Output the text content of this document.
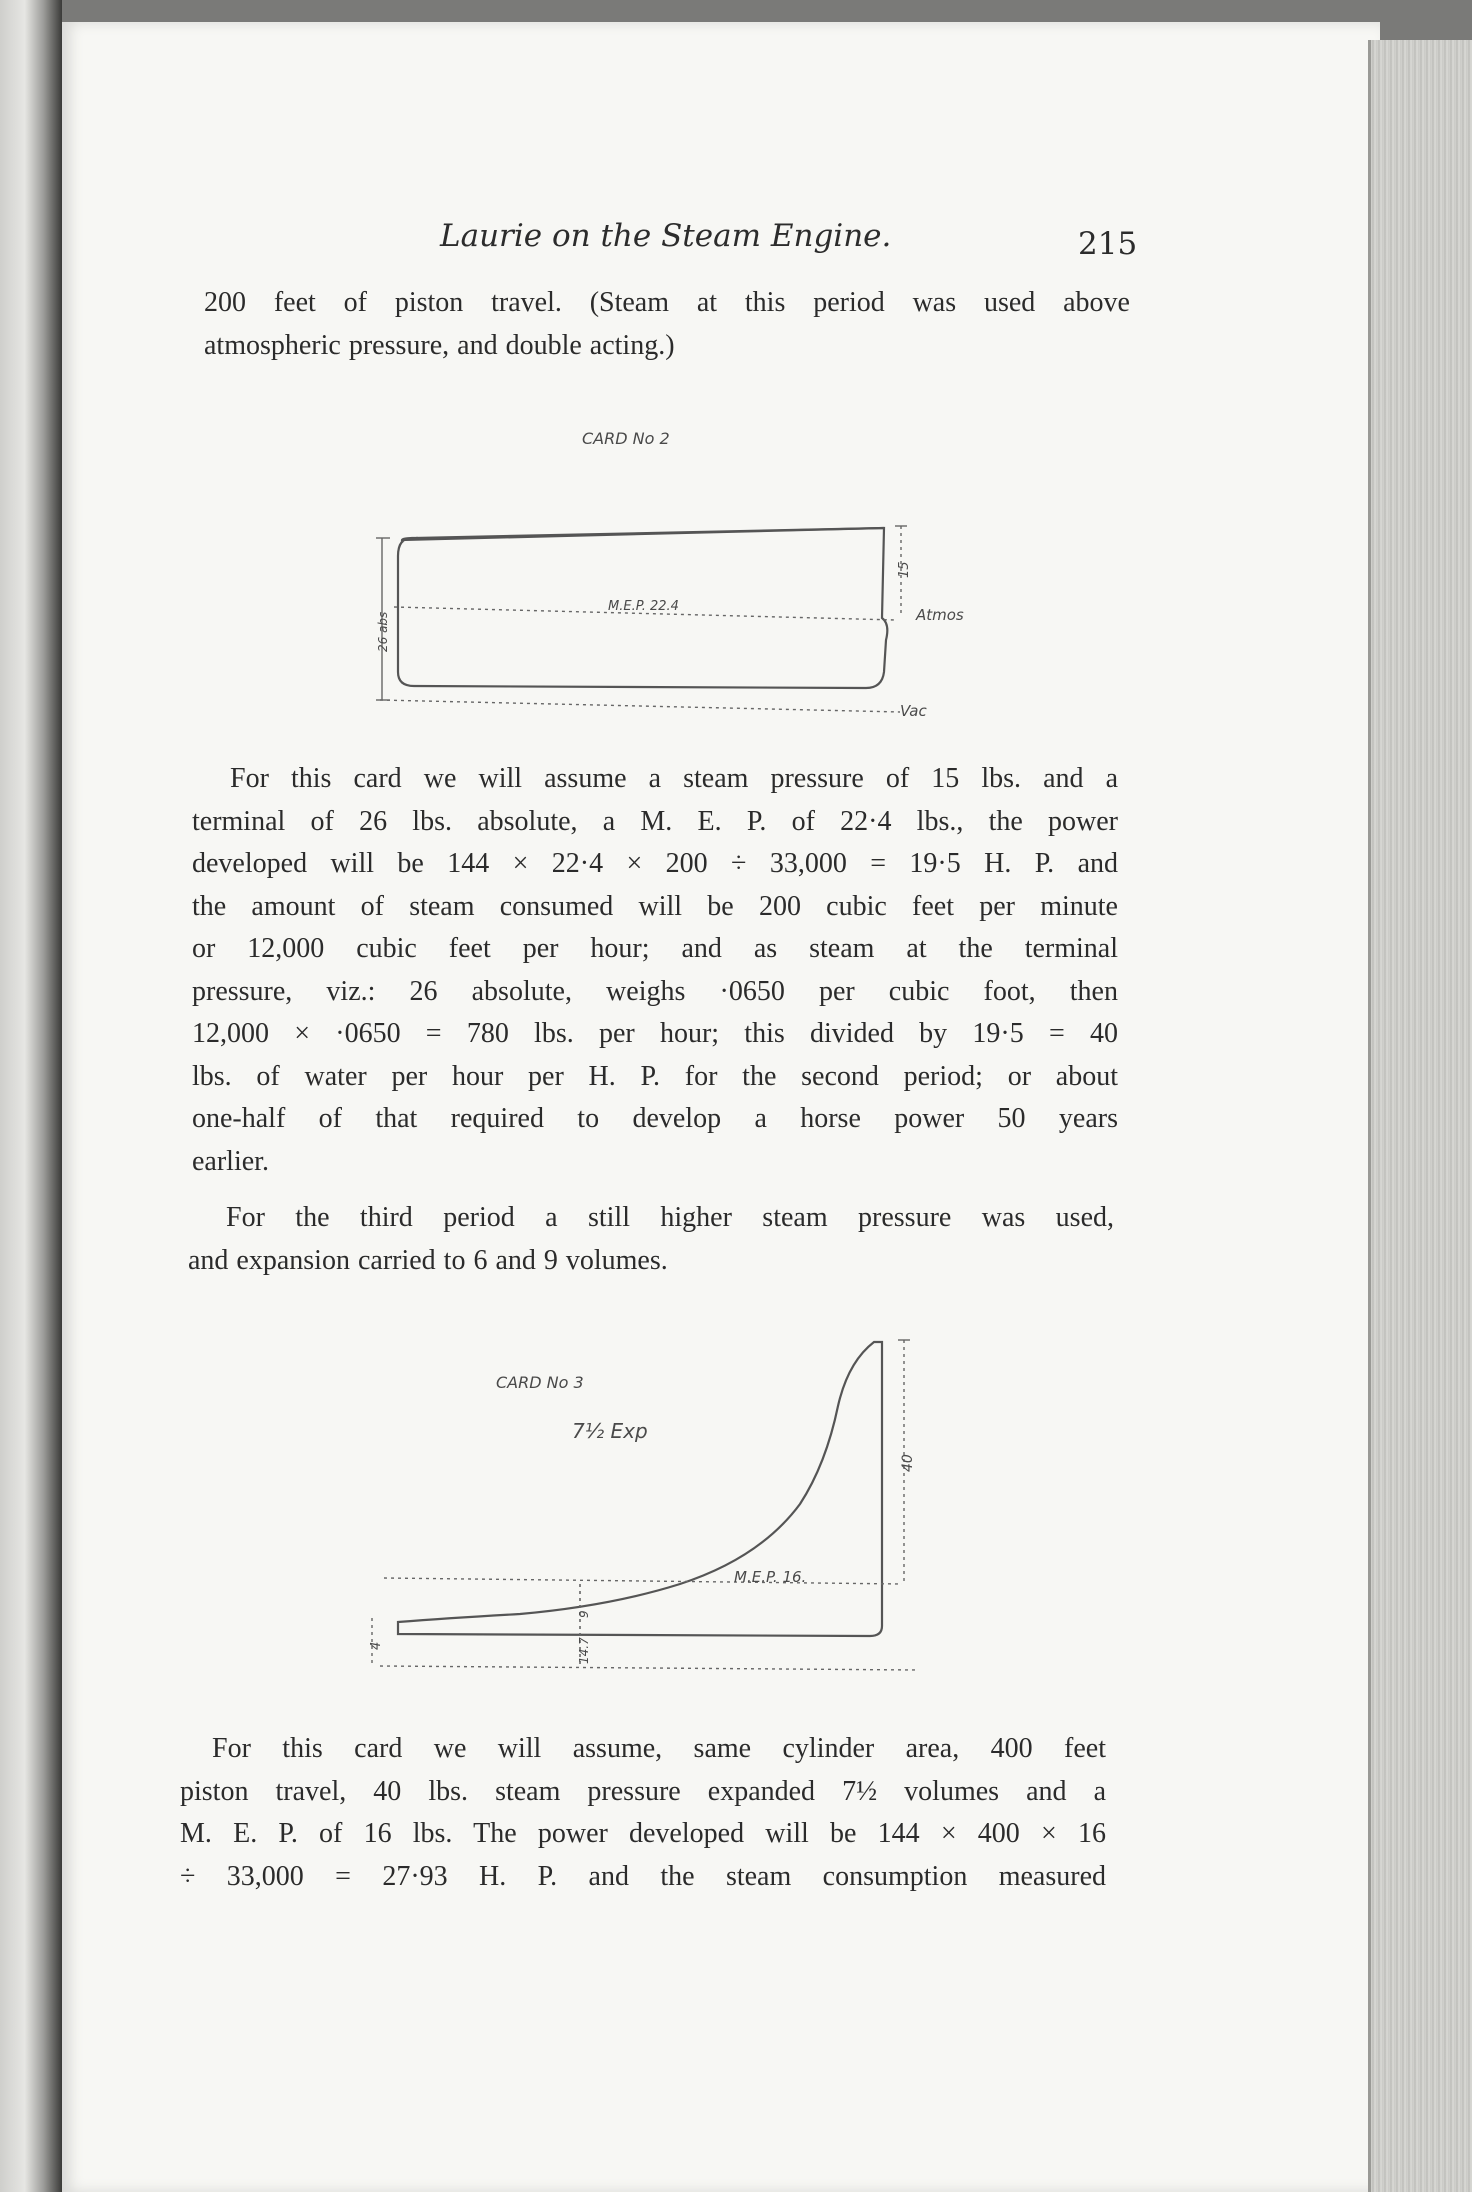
Laurie on the Steam Engine.	215
200 feet of piston travel. (Steam at this period was used above
atmospheric pressure, and double acting.)
CARD No 2
26 abs
15
M.E.P. 22.4	Atmos
Vac
For this card we will assume a steam pressure of 15 lbs. and a
terminal of 26 lbs. absolute, a M. E. P. of 22·4 lbs., the power
developed will be 144 × 22·4 × 200 ÷ 33,000 = 19·5 H. P. and
the amount of steam consumed will be 200 cubic feet per minute
or 12,000 cubic feet per hour; and as steam at the terminal
pressure, viz.: 26 absolute, weighs ·0650 per cubic foot, then
12,000 × ·0650 = 780 lbs. per hour; this divided by 19·5 = 40
lbs. of water per hour per H. P. for the second period; or about
one-half of that required to develop a horse power 50 years
earlier.
For the third period a still higher steam pressure was used,
and expansion carried to 6 and 9 volumes.
CARD No 3
7½ Exp
40
4
9
14.7
M.E.P. 16.
For this card we will assume, same cylinder area, 400 feet
piston travel, 40 lbs. steam pressure expanded 7½ volumes and a
M. E. P. of 16 lbs. The power developed will be 144 × 400 × 16
÷ 33,000 = 27·93 H. P. and the steam consumption measured
